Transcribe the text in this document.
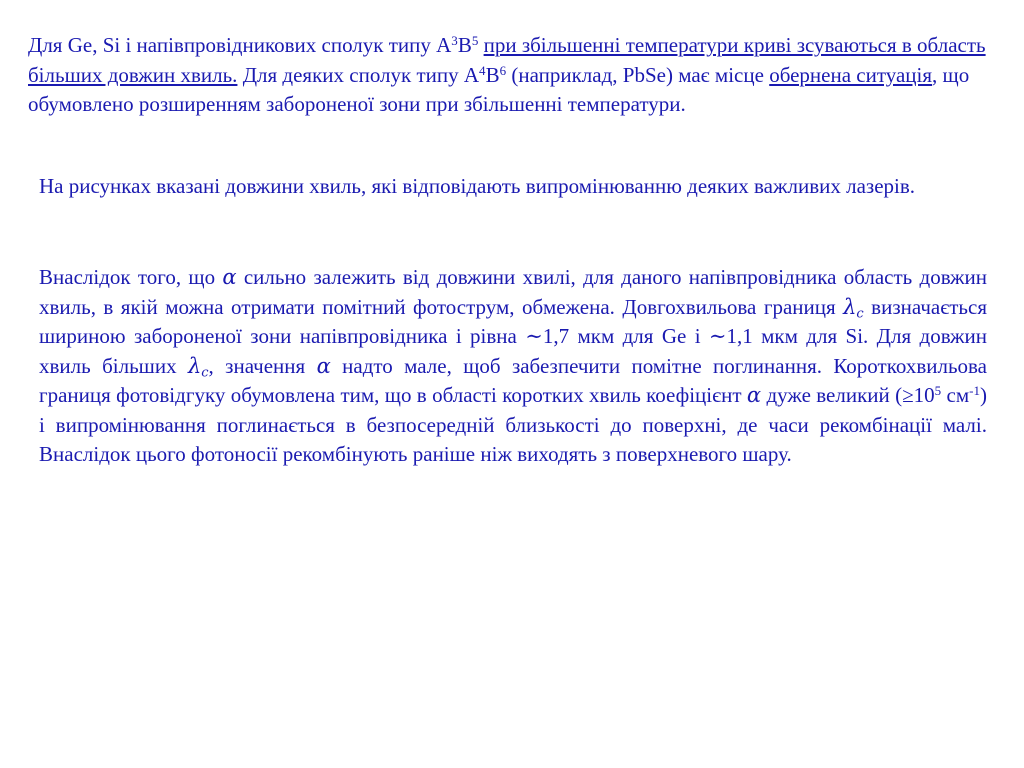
Для Ge, Si і напівпровідникових сполук типу $A^3B^5$ при збільшенні температури криві зсуваються в область більших довжин хвиль. Для деяких сполук типу $A^4B^6$ (наприклад, PbSe) має місце обернена ситуація, що обумовлено розширенням забороненої зони при збільшенні температури.

На рисунках вказані довжини хвиль, які відповідають випромінюванню деяких важливих лазерів.

Внаслідок того, що α сильно залежить від довжини хвилі, для даного напівпровідника область довжин хвиль, в якій можна отримати помітний фотострум, обмежена. Довгохвильова границя $\lambda_c$ визначається шириною забороненої зони напівпровідника і рівна ∼1,7 мкм для Ge і ∼1,1 мкм для Si. Для довжин хвиль більших $\lambda_c$, значення α надто мале, щоб забезпечити помітне поглинання. Короткохвильова границя фотовідгуку обумовлена тим, що в області коротких хвиль коефіцієнт α дуже великий ($\ge 10^5$ $см^{-1}$) і випромінювання поглинається в безпосередній близькості до поверхні, де часи рекомбінації малі. Внаслідок цього фотоносії рекомбінують раніше ніж виходять з поверхневого шару.
